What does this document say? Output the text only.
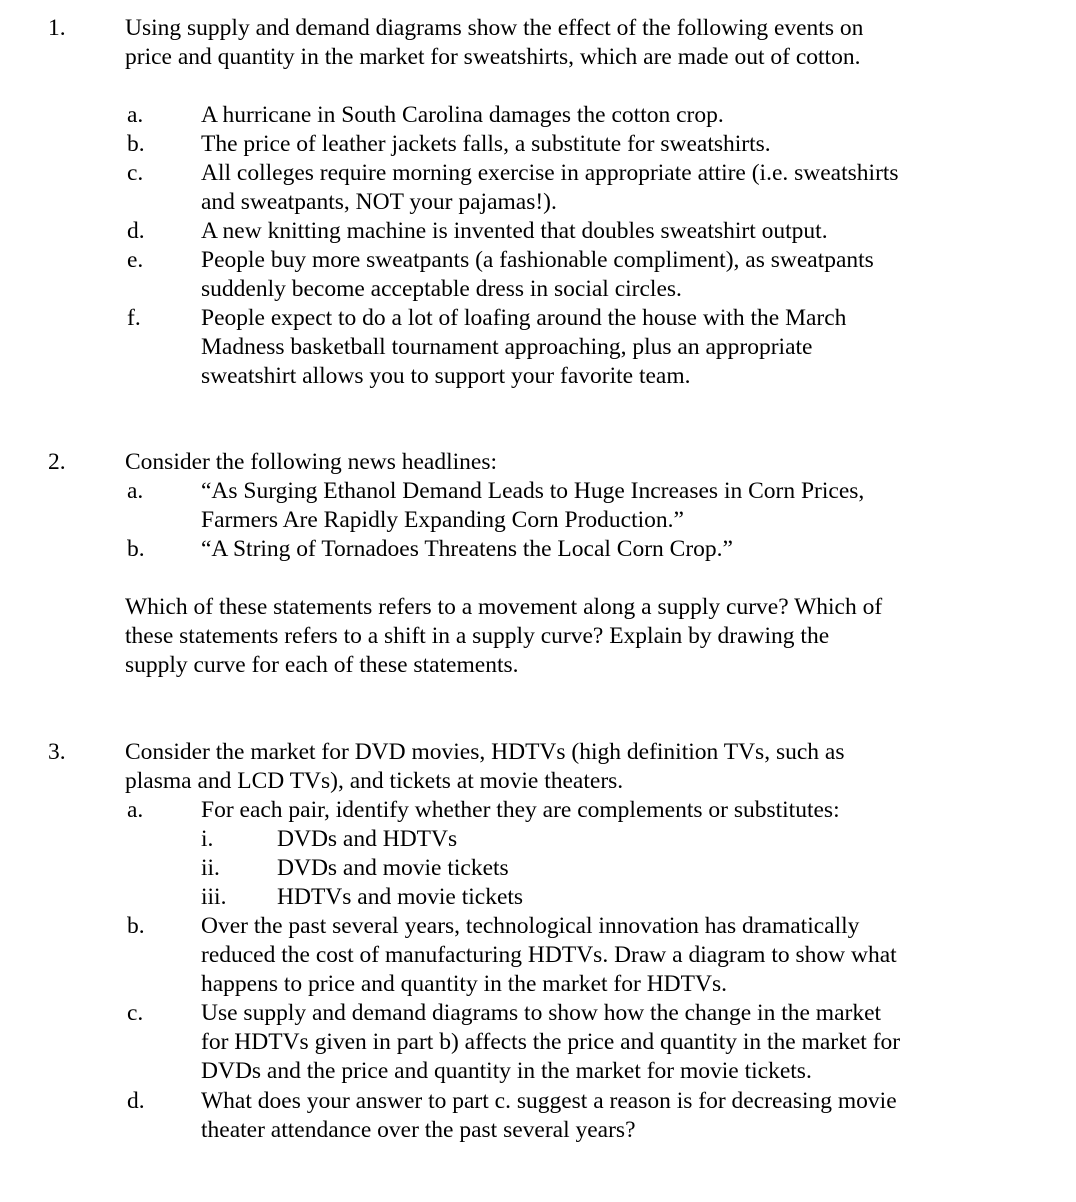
1.	Using supply and demand diagrams show the effect of the following events on
price and quantity in the market for sweatshirts, which are made out of cotton.
a. A hurricane in South Carolina damages the cotton crop.
b. The price of leather jackets falls, a substitute for sweatshirts.
c. All colleges require morning exercise in appropriate attire (i.e. sweatshirts
and sweatpants, NOT your pajamas!).
d. A new knitting machine is invented that doubles sweatshirt output.
e. People buy more sweatpants (a fashionable compliment), as sweatpants
suddenly become acceptable dress in social circles.
f.	People expect to do a lot of loafing around the house with the March
Madness basketball tournament approaching, plus an appropriate
sweatshirt allows you to support your favorite team.
2.	Consider the following news headlines:
a. “As Surging Ethanol Demand Leads to Huge Increases in Corn Prices,
Farmers Are Rapidly Expanding Corn Production.”
b. “A String of Tornadoes Threatens the Local Corn Crop.”
Which of these statements refers to a movement along a supply curve? Which of
these statements refers to a shift in a supply curve? Explain by drawing the
supply curve for each of these statements.
3.	Consider the market for DVD movies, HDTVs (high definition TVs, such as
plasma and LCD TVs), and tickets at movie theaters.
a. For each pair, identify whether they are complements or substitutes:
i.	DVDs and HDTVs
ii. DVDs and movie tickets
iii. HDTVs and movie tickets
b. Over the past several years, technological innovation has dramatically
reduced the cost of manufacturing HDTVs. Draw a diagram to show what
happens to price and quantity in the market for HDTVs.
c. Use supply and demand diagrams to show how the change in the market
for HDTVs given in part b) affects the price and quantity in the market for
DVDs and the price and quantity in the market for movie tickets.
d. What does your answer to part c. suggest a reason is for decreasing movie
theater attendance over the past several years?
